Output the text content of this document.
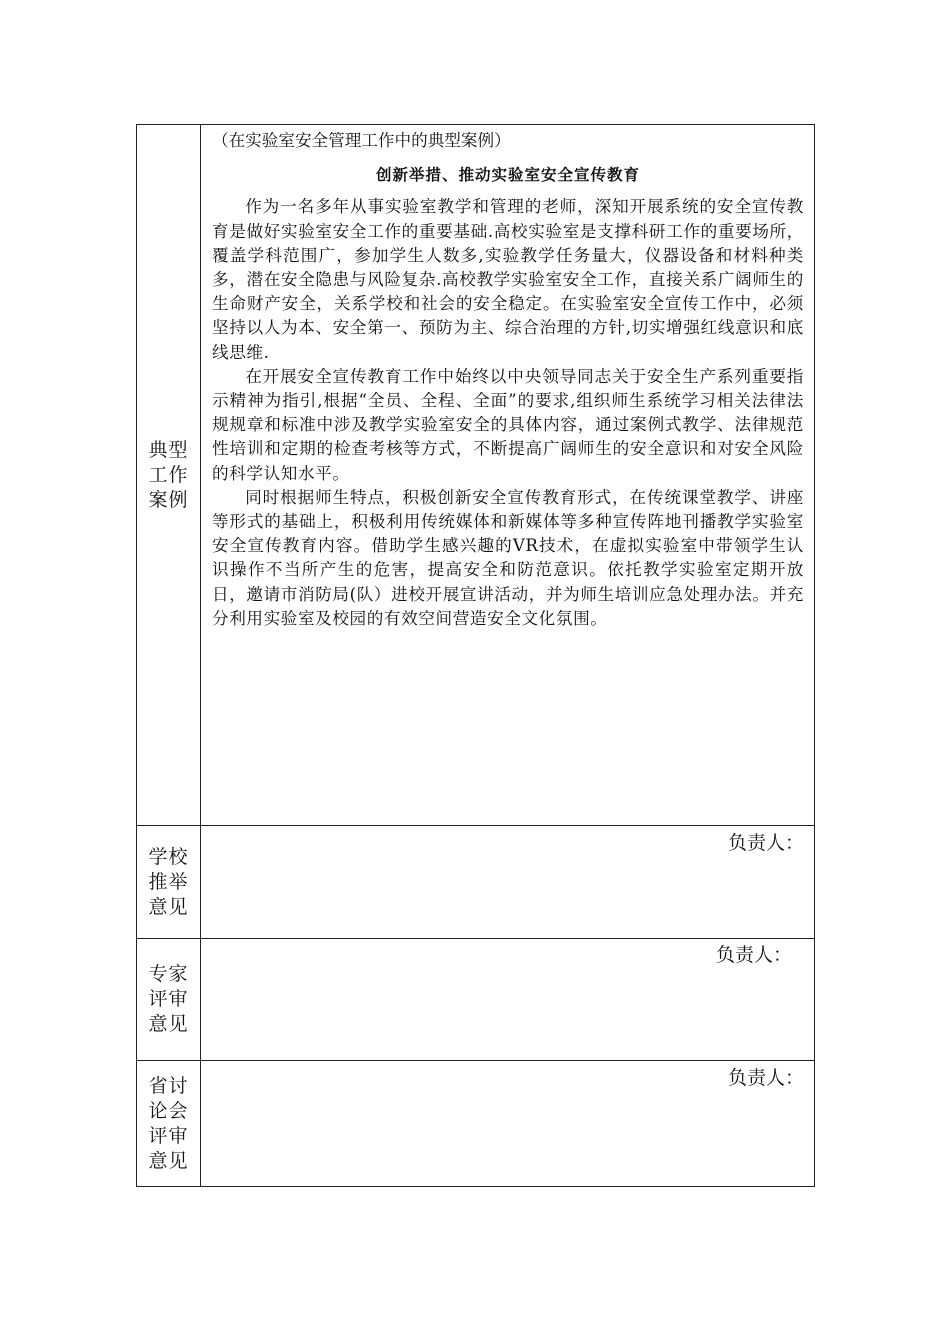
典型工作案例	（在实验室安全管理工作中的典型案例）

创新举措、推动实验室安全宣传教育

作为一名多年从事实验室教学和管理的老师，深知开展系统的安全宣传教育是做好实验室安全工作的重要基础.高校实验室是支撑科研工作的重要场所，覆盖学科范围广，参加学生人数多,实验教学任务量大，仪器设备和材料种类多，潜在安全隐患与风险复杂.高校教学实验室安全工作，直接关系广阔师生的生命财产安全，关系学校和社会的安全稳定。在实验室安全宣传工作中，必须坚持以人为本、安全第一、预防为主、综合治理的方针,切实增强红线意识和底线思维.

在开展安全宣传教育工作中始终以中央领导同志关于安全生产系列重要指示精神为指引,根据“全员、全程、全面”的要求,组织师生系统学习相关法律法规规章和标准中涉及教学实验室安全的具体内容，通过案例式教学、法律规范性培训和定期的检查考核等方式，不断提高广阔师生的安全意识和对安全风险的科学认知水平。

同时根据师生特点，积极创新安全宣传教育形式，在传统课堂教学、讲座等形式的基础上，积极利用传统媒体和新媒体等多种宣传阵地刊播教学实验室安全宣传教育内容。借助学生感兴趣的VR技术，在虚拟实验室中带领学生认识操作不当所产生的危害，提高安全和防范意识。依托教学实验室定期开放日，邀请市消防局(队）进校开展宣讲活动，并为师生培训应急处理办法。并充分利用实验室及校园的有效空间营造安全文化氛围。

学校推举意见	负责人：

专家评审意见	负责人：

省讨论会评审意见	负责人：
